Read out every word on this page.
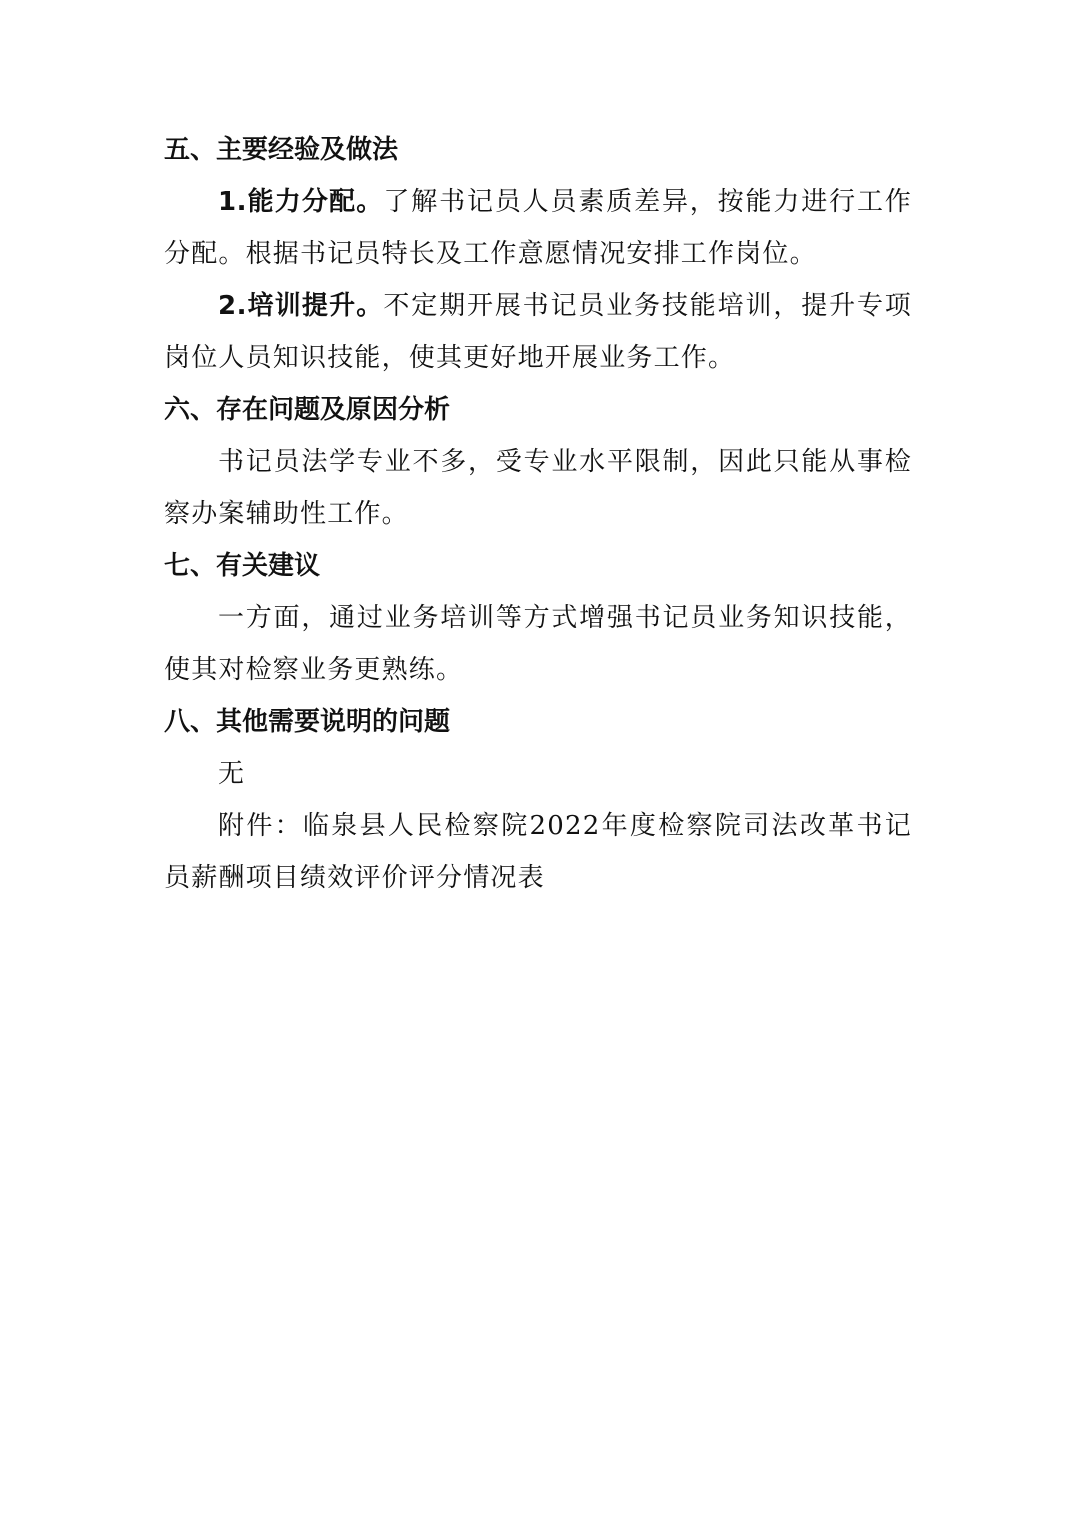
五、主要经验及做法

1.能力分配。了解书记员人员素质差异，按能力进行工作分配。根据书记员特长及工作意愿情况安排工作岗位。

2.培训提升。不定期开展书记员业务技能培训，提升专项岗位人员知识技能，使其更好地开展业务工作。

六、存在问题及原因分析

书记员法学专业不多，受专业水平限制，因此只能从事检察办案辅助性工作。

七、有关建议

一方面，通过业务培训等方式增强书记员业务知识技能，使其对检察业务更熟练。

八、其他需要说明的问题

无

附件：临泉县人民检察院2022年度检察院司法改革书记员薪酬项目绩效评价评分情况表
